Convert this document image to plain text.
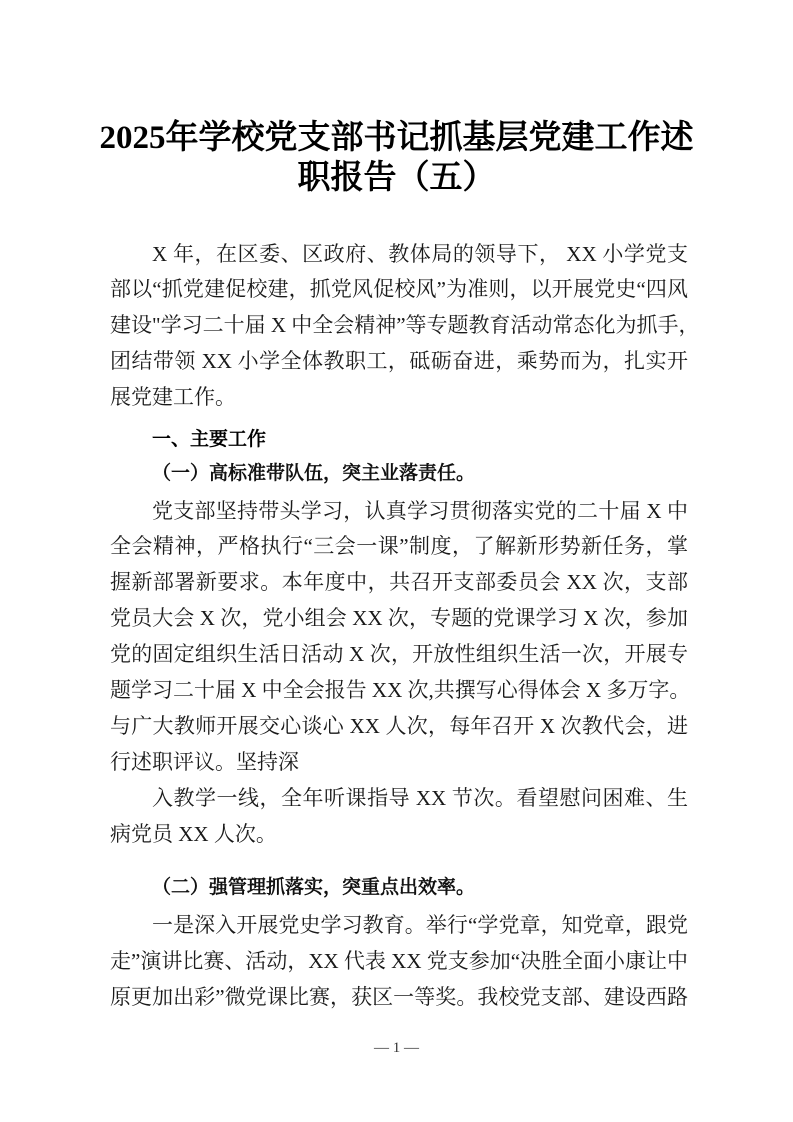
2025年学校党支部书记抓基层党建工作述
职报告（五）
X 年，在区委、区政府、教体局的领导下， XX 小学党支
部以“抓党建促校建，抓党风促校风”为准则，以开展党史“四风
建设"学习二十届 X 中全会精神”等专题教育活动常态化为抓手，
团结带领 XX 小学全体教职工，砥砺奋进，乘势而为，扎实开
展党建工作。
一、主要工作
（一）高标准带队伍，突主业落责任。
党支部坚持带头学习，认真学习贯彻落实党的二十届 X 中
全会精神，严格执行“三会一课”制度，了解新形势新任务，掌
握新部署新要求。本年度中，共召开支部委员会 XX 次，支部
党员大会 X 次，党小组会 XX 次，专题的党课学习 X 次，参加
党的固定组织生活日活动 X 次，开放性组织生活一次，开展专
题学习二十届 X 中全会报告 XX 次,共撰写心得体会 X 多万字。
与广大教师开展交心谈心 XX 人次，每年召开 X 次教代会，进
行述职评议。坚持深
入教学一线，全年听课指导 XX 节次。看望慰问困难、生
病党员 XX 人次。
（二）强管理抓落实，突重点出效率。
一是深入开展党史学习教育。举行“学党章，知党章，跟党
走”演讲比赛、活动，XX 代表 XX 党支参加“决胜全面小康让中
原更加出彩”微党课比赛，获区一等奖。我校党支部、建设西路
— 1 —
